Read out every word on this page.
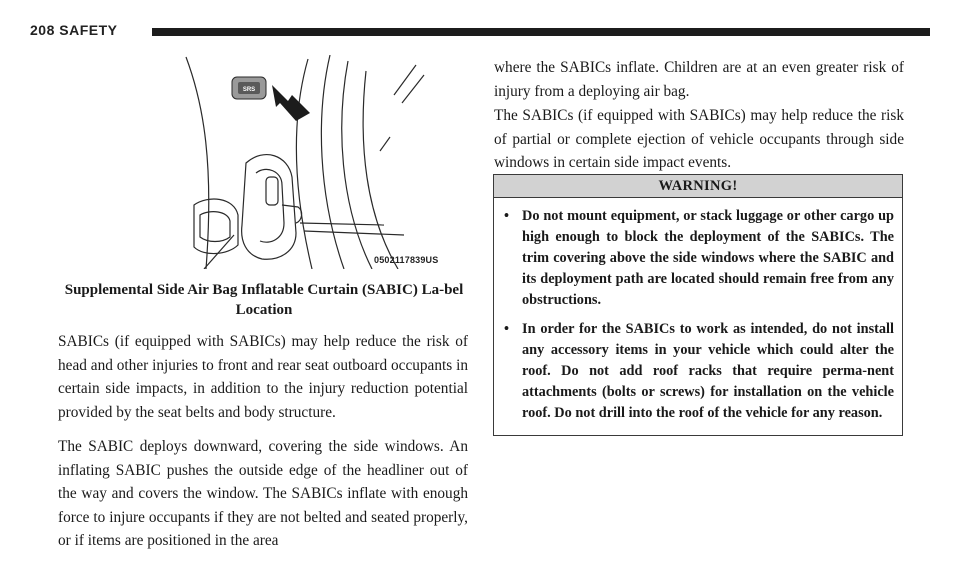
208 SAFETY
SRS
0502117839US
Supplemental Side Air Bag Inflatable Curtain (SABIC) La-bel Location

SABICs (if equipped with SABICs) may help reduce the risk of head and other injuries to front and rear seat outboard occupants in certain side impacts, in addition to the injury reduction potential provided by the seat belts and body structure.

The SABIC deploys downward, covering the side windows. An inflating SABIC pushes the outside edge of the headliner out of the way and covers the window. The SABICs inflate with enough force to injure occupants if they are not belted and seated properly, or if items are positioned in the area

where the SABICs inflate. Children are at an even greater risk of injury from a deploying air bag.

The SABICs (if equipped with SABICs) may help reduce the risk of partial or complete ejection of vehicle occupants through side windows in certain side impact events.

WARNING!
• Do not mount equipment, or stack luggage or other cargo up high enough to block the deployment of the SABICs. The trim covering above the side windows where the SABIC and its deployment path are located should remain free from any obstructions.
• In order for the SABICs to work as intended, do not install any accessory items in your vehicle which could alter the roof. Do not add roof racks that require perma-nent attachments (bolts or screws) for installation on the vehicle roof. Do not drill into the roof of the vehicle for any reason.
